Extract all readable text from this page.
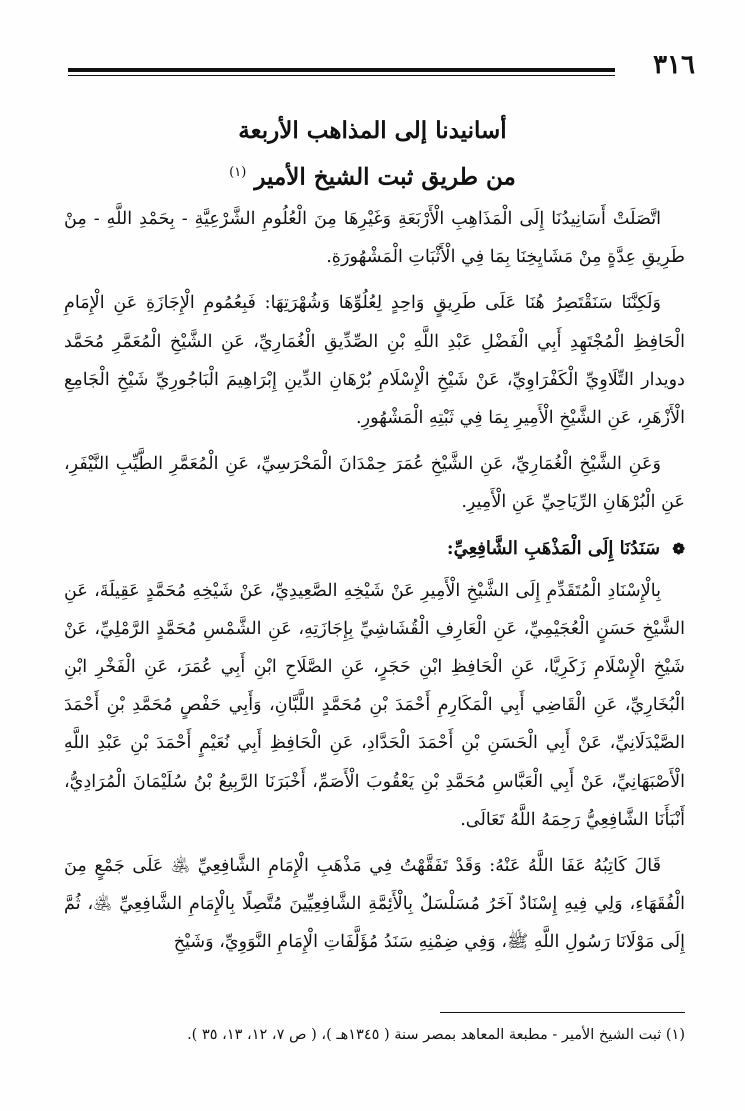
٣١٦
أسانيدنا إلى المذاهب الأربعة
من طريق ثبت الشيخ الأمير $^{(١)}$

اتَّصَلَتْ أَسَانِيدُنَا إِلَى الْمَذَاهِبِ الْأَرْبَعَةِ وَغَيْرِهَا مِنَ الْعُلُومِ الشَّرْعِيَّةِ - بِحَمْدِ اللَّهِ - مِنْ طَرِيقِ عِدَّةٍ مِنْ مَشَايِخِنَا بِمَا فِي الْأَثْبَاتِ الْمَشْهُورَةِ.

وَلَكِنَّنَا سَنَقْتَصِرُ هُنَا عَلَى طَرِيقٍ وَاحِدٍ لِعُلُوِّهَا وَشُهْرَتِهَا: فَبِعُمُومِ الْإِجَازَةِ عَنِ الْإِمَامِ الْحَافِظِ الْمُجْتَهِدِ أَبِي الْفَضْلِ عَبْدِ اللَّهِ بْنِ الصِّدِّيقِ الْغُمَارِيِّ، عَنِ الشَّيْخِ الْمُعَمَّرِ مُحَمَّد دويدار التِّلَاوِيِّ الْكَفْرَاوِيِّ، عَنْ شَيْخِ الْإِسْلَامِ بُرْهَانِ الدِّينِ إِبْرَاهِيمَ الْبَاجُورِيِّ شَيْخِ الْجَامِعِ الْأَزْهَرِ، عَنِ الشَّيْخِ الْأَمِيرِ بِمَا فِي ثَبْتِهِ الْمَشْهُورِ.

وَعَنِ الشَّيْخِ الْغُمَارِيِّ، عَنِ الشَّيْخِ عُمَرَ حِمْدَانَ الْمَحْرَسِيِّ، عَنِ الْمُعَمَّرِ الطَّيِّبِ النَّيْفَرِ، عَنِ الْبُرْهَانِ الرِّيَاحِيِّ عَنِ الْأَمِيرِ.

❁ سَنَدُنَا إِلَى الْمَذْهَبِ الشَّافِعِيِّ:

بِالْإِسْنَادِ الْمُتَقَدِّمِ إِلَى الشَّيْخِ الْأَمِيرِ عَنْ شَيْخِهِ الصَّعِيدِيِّ، عَنْ شَيْخِهِ مُحَمَّدٍ عَقِيلَةَ، عَنِ الشَّيْخِ حَسَنٍ الْعُجَيْمِيِّ، عَنِ الْعَارِفِ الْقُشَاشِيِّ بِإِجَازَتِهِ، عَنِ الشَّمْسِ مُحَمَّدٍ الرَّمْلِيِّ، عَنْ شَيْخِ الْإِسْلَامِ زَكَرِيَّا، عَنِ الْحَافِظِ ابْنِ حَجَرٍ، عَنِ الصَّلَاحِ ابْنِ أَبِي عُمَرَ، عَنِ الْفَخْرِ ابْنِ الْبُخَارِيِّ، عَنِ الْقَاضِي أَبِي الْمَكَارِمِ أَحْمَدَ بْنِ مُحَمَّدٍ اللَّبَّانِ، وَأَبِي حَفْصٍ مُحَمَّدِ بْنِ أَحْمَدَ الصَّيْدَلَانِيِّ، عَنْ أَبِي الْحَسَنِ بْنِ أَحْمَدَ الْحَدَّادِ، عَنِ الْحَافِظِ أَبِي نُعَيْمٍ أَحْمَدَ بْنِ عَبْدِ اللَّهِ الْأَصْبَهَانِيِّ، عَنْ أَبِي الْعَبَّاسِ مُحَمَّدِ بْنِ يَعْقُوبَ الْأَصَمِّ، أَخْبَرَنَا الرَّبِيعُ بْنُ سُلَيْمَانَ الْمُرَادِيُّ، أَنْبَأَنَا الشَّافِعِيُّ رَحِمَهُ اللَّهُ تَعَالَى.

قَالَ كَاتِبُهُ عَفَا اللَّهُ عَنْهُ: وَقَدْ تَفَقَّهْتُ فِي مَذْهَبِ الْإِمَامِ الشَّافِعِيِّ ﵁ عَلَى جَمْعٍ مِنَ الْفُقَهَاءِ، وَلِي فِيهِ إِسْنَادٌ آخَرُ مُسَلْسَلٌ بِالْأَئِمَّةِ الشَّافِعِيِّينَ مُتَّصِلًا بِالْإِمَامِ الشَّافِعِيِّ ﵁، ثُمَّ إِلَى مَوْلَانَا رَسُولِ اللَّهِ ﷺ، وَفِي ضِمْنِهِ سَنَدُ مُؤَلَّفَاتِ الْإِمَامِ النَّوَوِيِّ، وَشَيْخِ

(١) ثبت الشيخ الأمير - مطبعة المعاهد بمصر سنة ( ١٣٤٥هـ )، ( ص ٧، ١٢، ١٣، ٣٥ ).
